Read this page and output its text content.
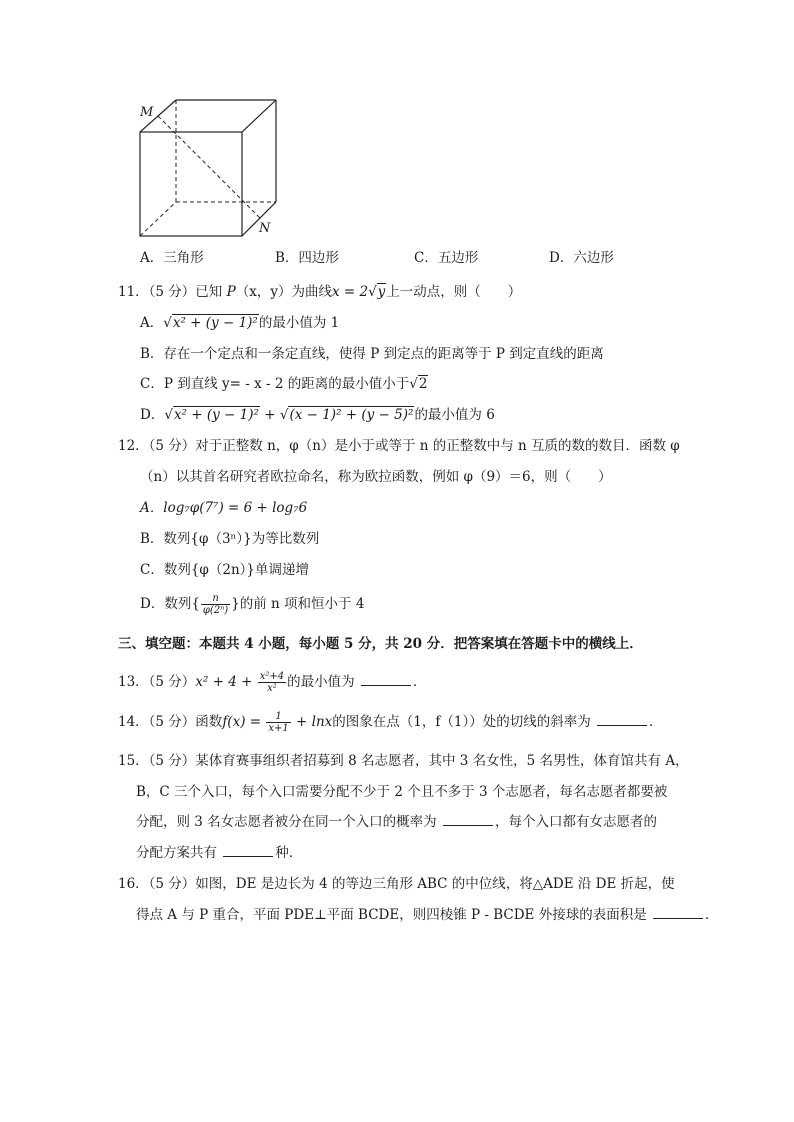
M
N
A．三角形	B．四边形	C．五边形	D．六边形
11．（5 分）已知 P（x，y）为曲线x = 2√y上一动点，则（　　）
A．√x² + (y − 1)²的最小值为 1
B．存在一个定点和一条定直线，使得 P 到定点的距离等于 P 到定直线的距离
C．P 到直线 y= - x - 2 的距离的最小值小于√2
D．√x² + (y − 1)² + √(x − 1)² + (y − 5)²的最小值为 6
12．（5 分）对于正整数 n，φ（n）是小于或等于 n 的正整数中与 n 互质的数的数目．函数 φ
（n）以其首名研究者欧拉命名，称为欧拉函数，例如 φ（9）＝6，则（　　）
A．log₇φ(7⁷) = 6 + log₇6
B．数列{φ（3ⁿ）}为等比数列
C．数列{φ（2n）}单调递增
D．数列{ $\frac{n}{\text{φ(2ⁿ)}}$ }的前 n 项和恒小于 4
三、填空题：本题共 4 小题，每小题 5 分，共 20 分．把答案填在答题卡中的横线上．
13．（5 分）$x^2 + 4 + \frac{\text{x²+4}}{\text{x²}}$ 的最小值为	．
14．（5 分）函数$f(x) = \frac{1}{x+1} + \ln x$的图象在点（1，f（1））处的切线的斜率为	．
15．（5 分）某体育赛事组织者招募到 8 名志愿者，其中 3 名女性，5 名男性，体育馆共有 A，
B，C 三个入口，每个入口需要分配不少于 2 个且不多于 3 个志愿者，每名志愿者都要被
分配，则 3 名女志愿者被分在同一个入口的概率为	，每个入口都有女志愿者的
分配方案共有	种．
16．（5 分）如图，DE 是边长为 4 的等边三角形 ABC 的中位线，将△ADE 沿 DE 折起，使
得点 A 与 P 重合，平面 PDE⊥平面 BCDE，则四棱锥 P - BCDE 外接球的表面积是	．
